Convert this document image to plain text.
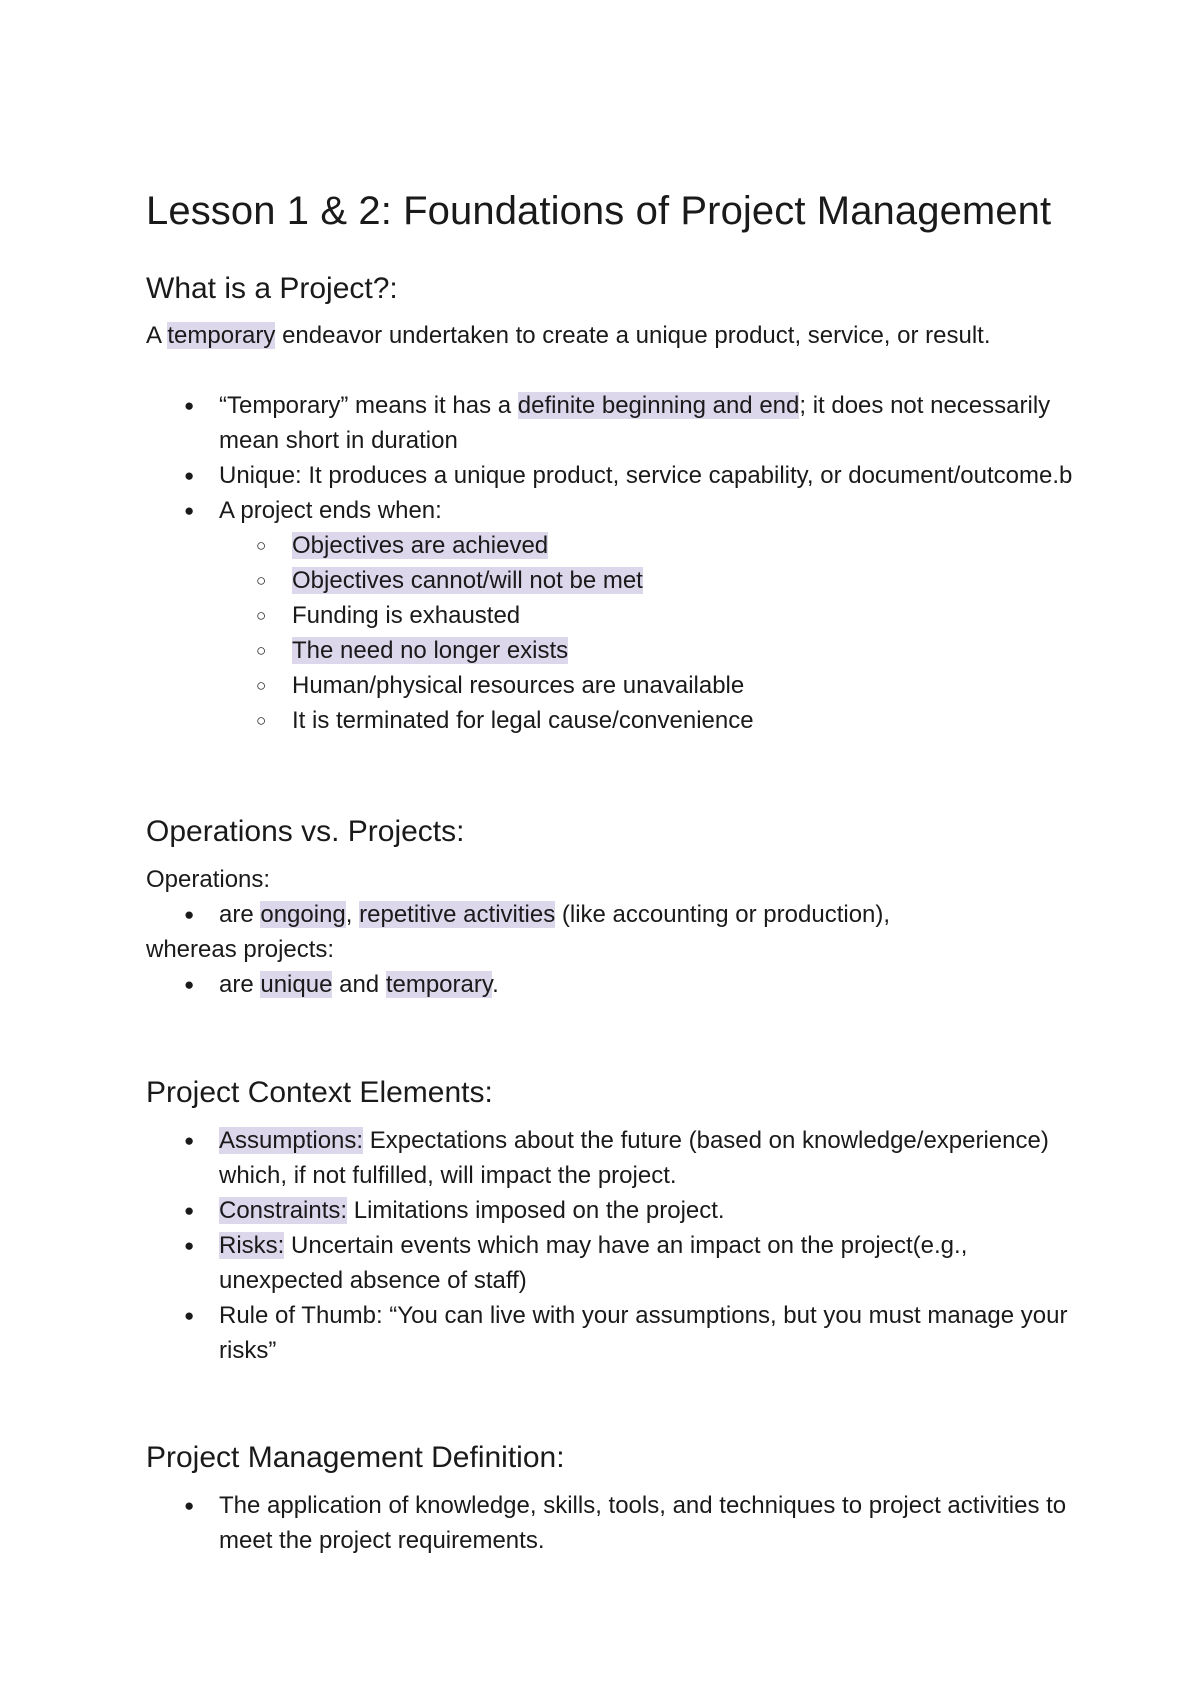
Lesson 1 & 2: Foundations of Project Management
What is a Project?:
A temporary endeavor undertaken to create a unique product, service, or result.
● “Temporary” means it has a definite beginning and end; it does not necessarily mean short in duration
● Unique: It produces a unique product, service capability, or document/outcome.b
● A project ends when:
○ Objectives are achieved
○ Objectives cannot/will not be met
○ Funding is exhausted
○ The need no longer exists
○ Human/physical resources are unavailable
○ It is terminated for legal cause/convenience
Operations vs. Projects:
Operations:
● are ongoing, repetitive activities (like accounting or production),
whereas projects:
● are unique and temporary.
Project Context Elements:
● Assumptions: Expectations about the future (based on knowledge/experience) which, if not fulfilled, will impact the project.
● Constraints: Limitations imposed on the project.
● Risks: Uncertain events which may have an impact on the project(e.g., unexpected absence of staff)
● Rule of Thumb: “You can live with your assumptions, but you must manage your risks”
Project Management Definition:
● The application of knowledge, skills, tools, and techniques to project activities to meet the project requirements.
